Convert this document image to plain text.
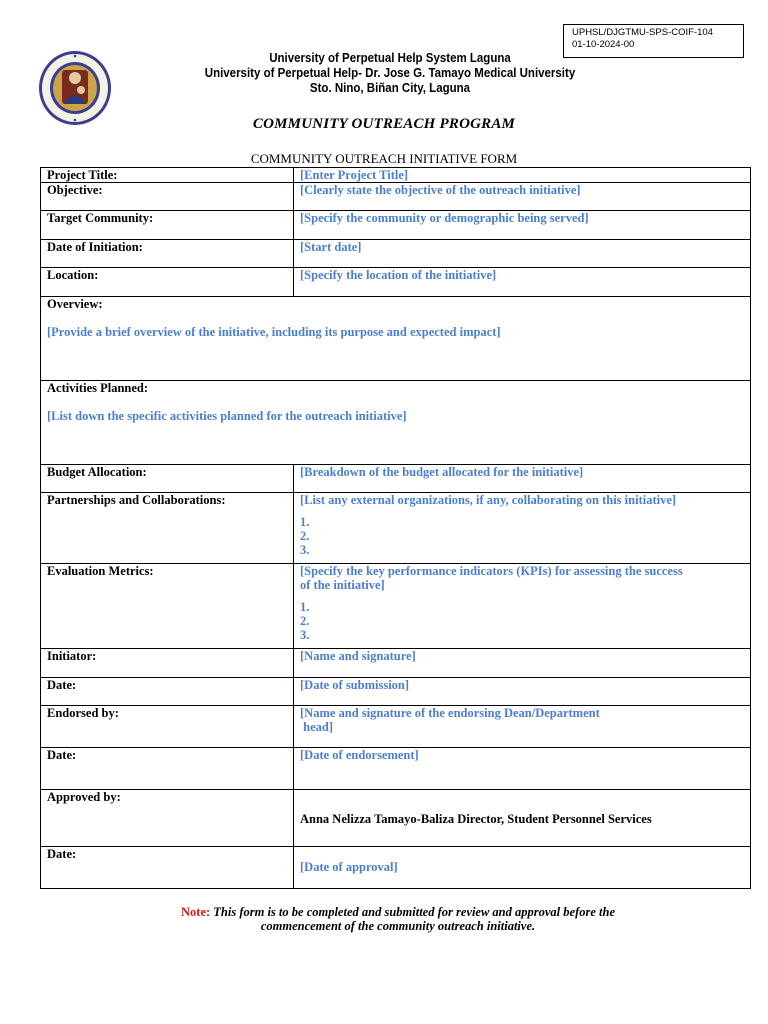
UPHSL/DJGTMU-SPS-COIF-104
01-10-2024-00
University of Perpetual Help System Laguna
University of Perpetual Help- Dr. Jose G. Tamayo Medical University
Sto. Nino, Biñan City, Laguna
COMMUNITY OUTREACH PROGRAM
COMMUNITY OUTREACH INITIATIVE FORM
Project Title:	[Enter Project Title]
Objective:	[Clearly state the objective of the outreach initiative]
Target Community:	[Specify the community or demographic being served]
Date of Initiation:	[Start date]
Location:	[Specify the location of the initiative]

Overview:
[Provide a brief overview of the initiative, including its purpose and expected impact]	

Activities Planned:
[List down the specific activities planned for the outreach initiative]	

Budget Allocation:	[Breakdown of the budget allocated for the initiative]
Partnerships and Collaborations:	[List any external organizations, if any, collaborating on this initiative]
1.
2.
3.

Evaluation Metrics:	[Specify the key performance indicators (KPIs) for assessing the success
of the initiative]
1.
2.
3.

Initiator:	[Name and signature]
Date:	[Date of submission]
Endorsed by:	[Name and signature of the endorsing Dean/Department
head]

Date:	[Date of endorsement]
Approved by:	Anna Nelizza Tamayo-Baliza Director, Student Personnel Services
Date:	[Date of approval]
Note: This form is to be completed and submitted for review and approval before the
commencement of the community outreach initiative.
